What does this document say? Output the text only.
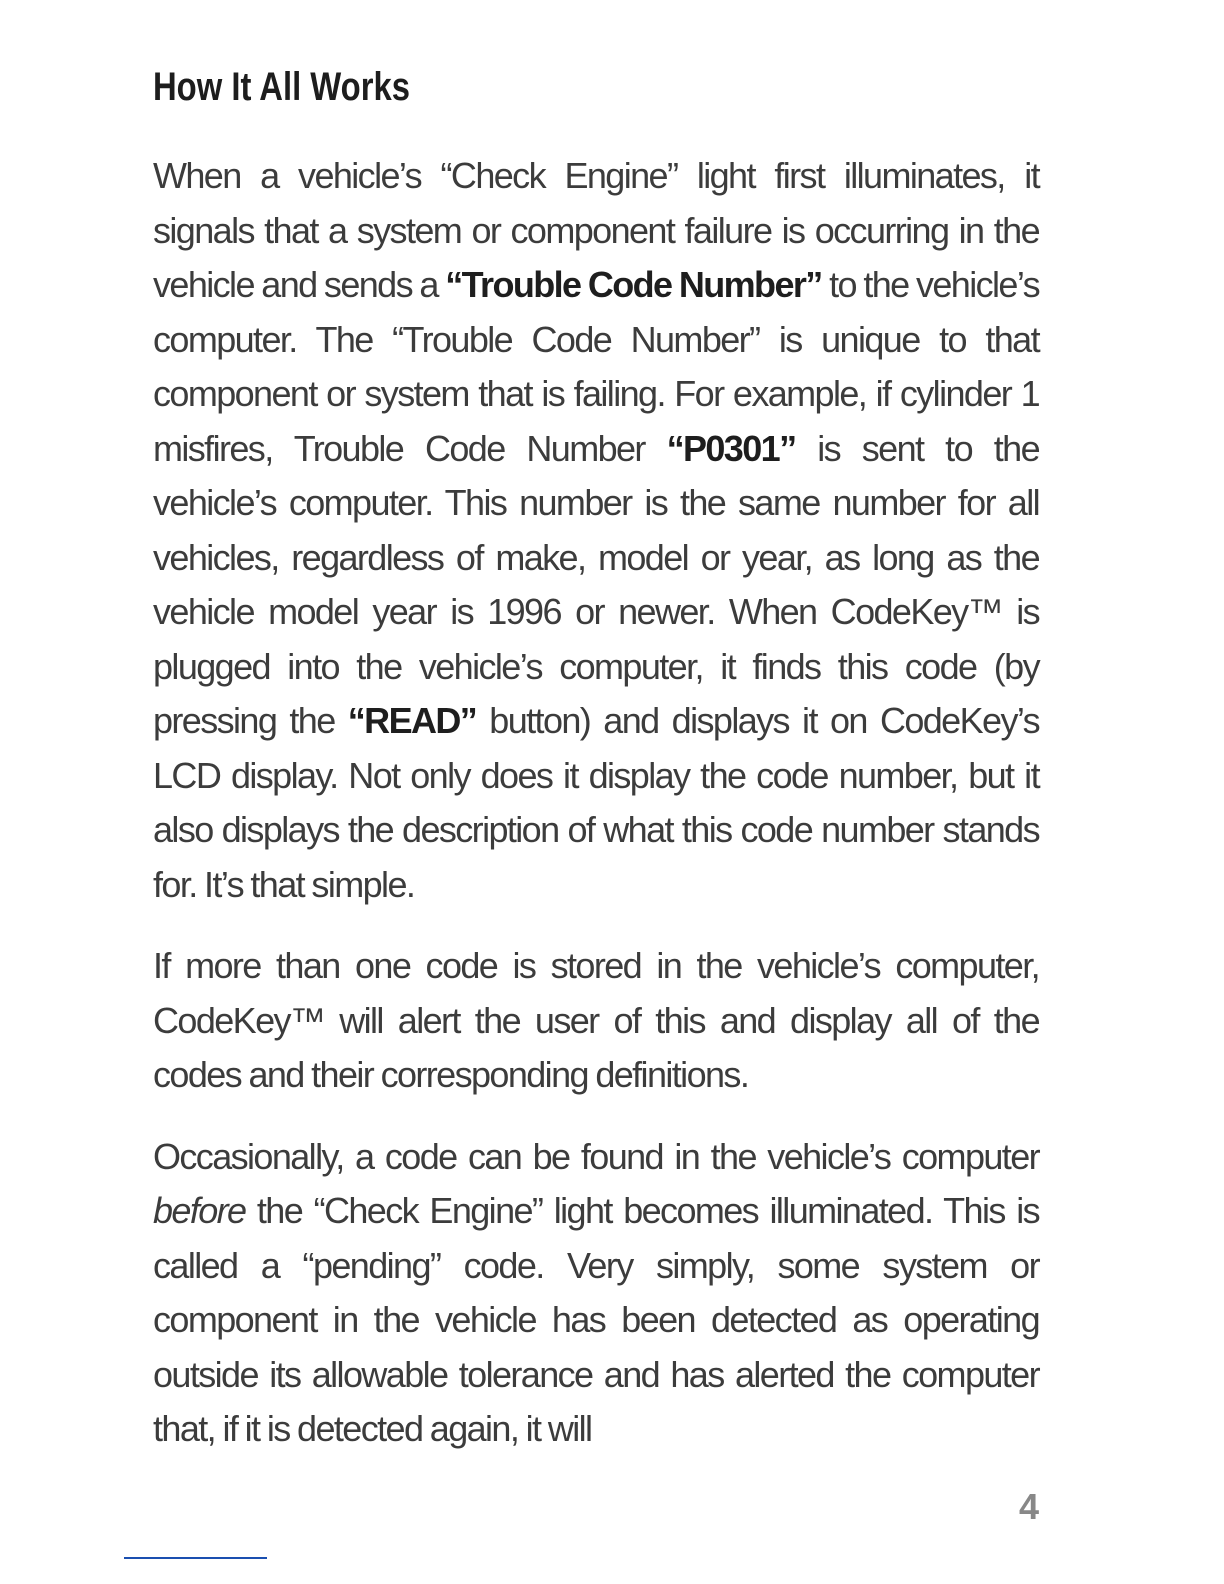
How It All Works

When a vehicle’s “Check Engine” light first illuminates, it signals that a system or component failure is occurring in the vehicle and sends a “Trouble Code Number” to the vehicle’s computer. The “Trouble Code Number” is unique to that component or system that is failing. For example, if cylinder 1 misfires, Trouble Code Number “P0301” is sent to the vehicle’s computer. This number is the same number for all vehicles, regardless of make, model or year, as long as the vehicle model year is 1996 or newer. When CodeKey™ is plugged into the vehicle’s computer, it finds this code (by pressing the “READ” button) and displays it on CodeKey’s LCD display. Not only does it display the code number, but it also displays the description of what this code number stands for. It’s that simple.

If more than one code is stored in the vehicle’s computer, CodeKey™ will alert the user of this and display all of the codes and their corresponding definitions.

Occasionally, a code can be found in the vehicle’s computer before the “Check Engine” light becomes illuminated. This is called a “pending” code. Very simply, some system or component in the vehicle has been detected as operating outside its allowable tolerance and has alerted the computer that, if it is detected again, it will

4
